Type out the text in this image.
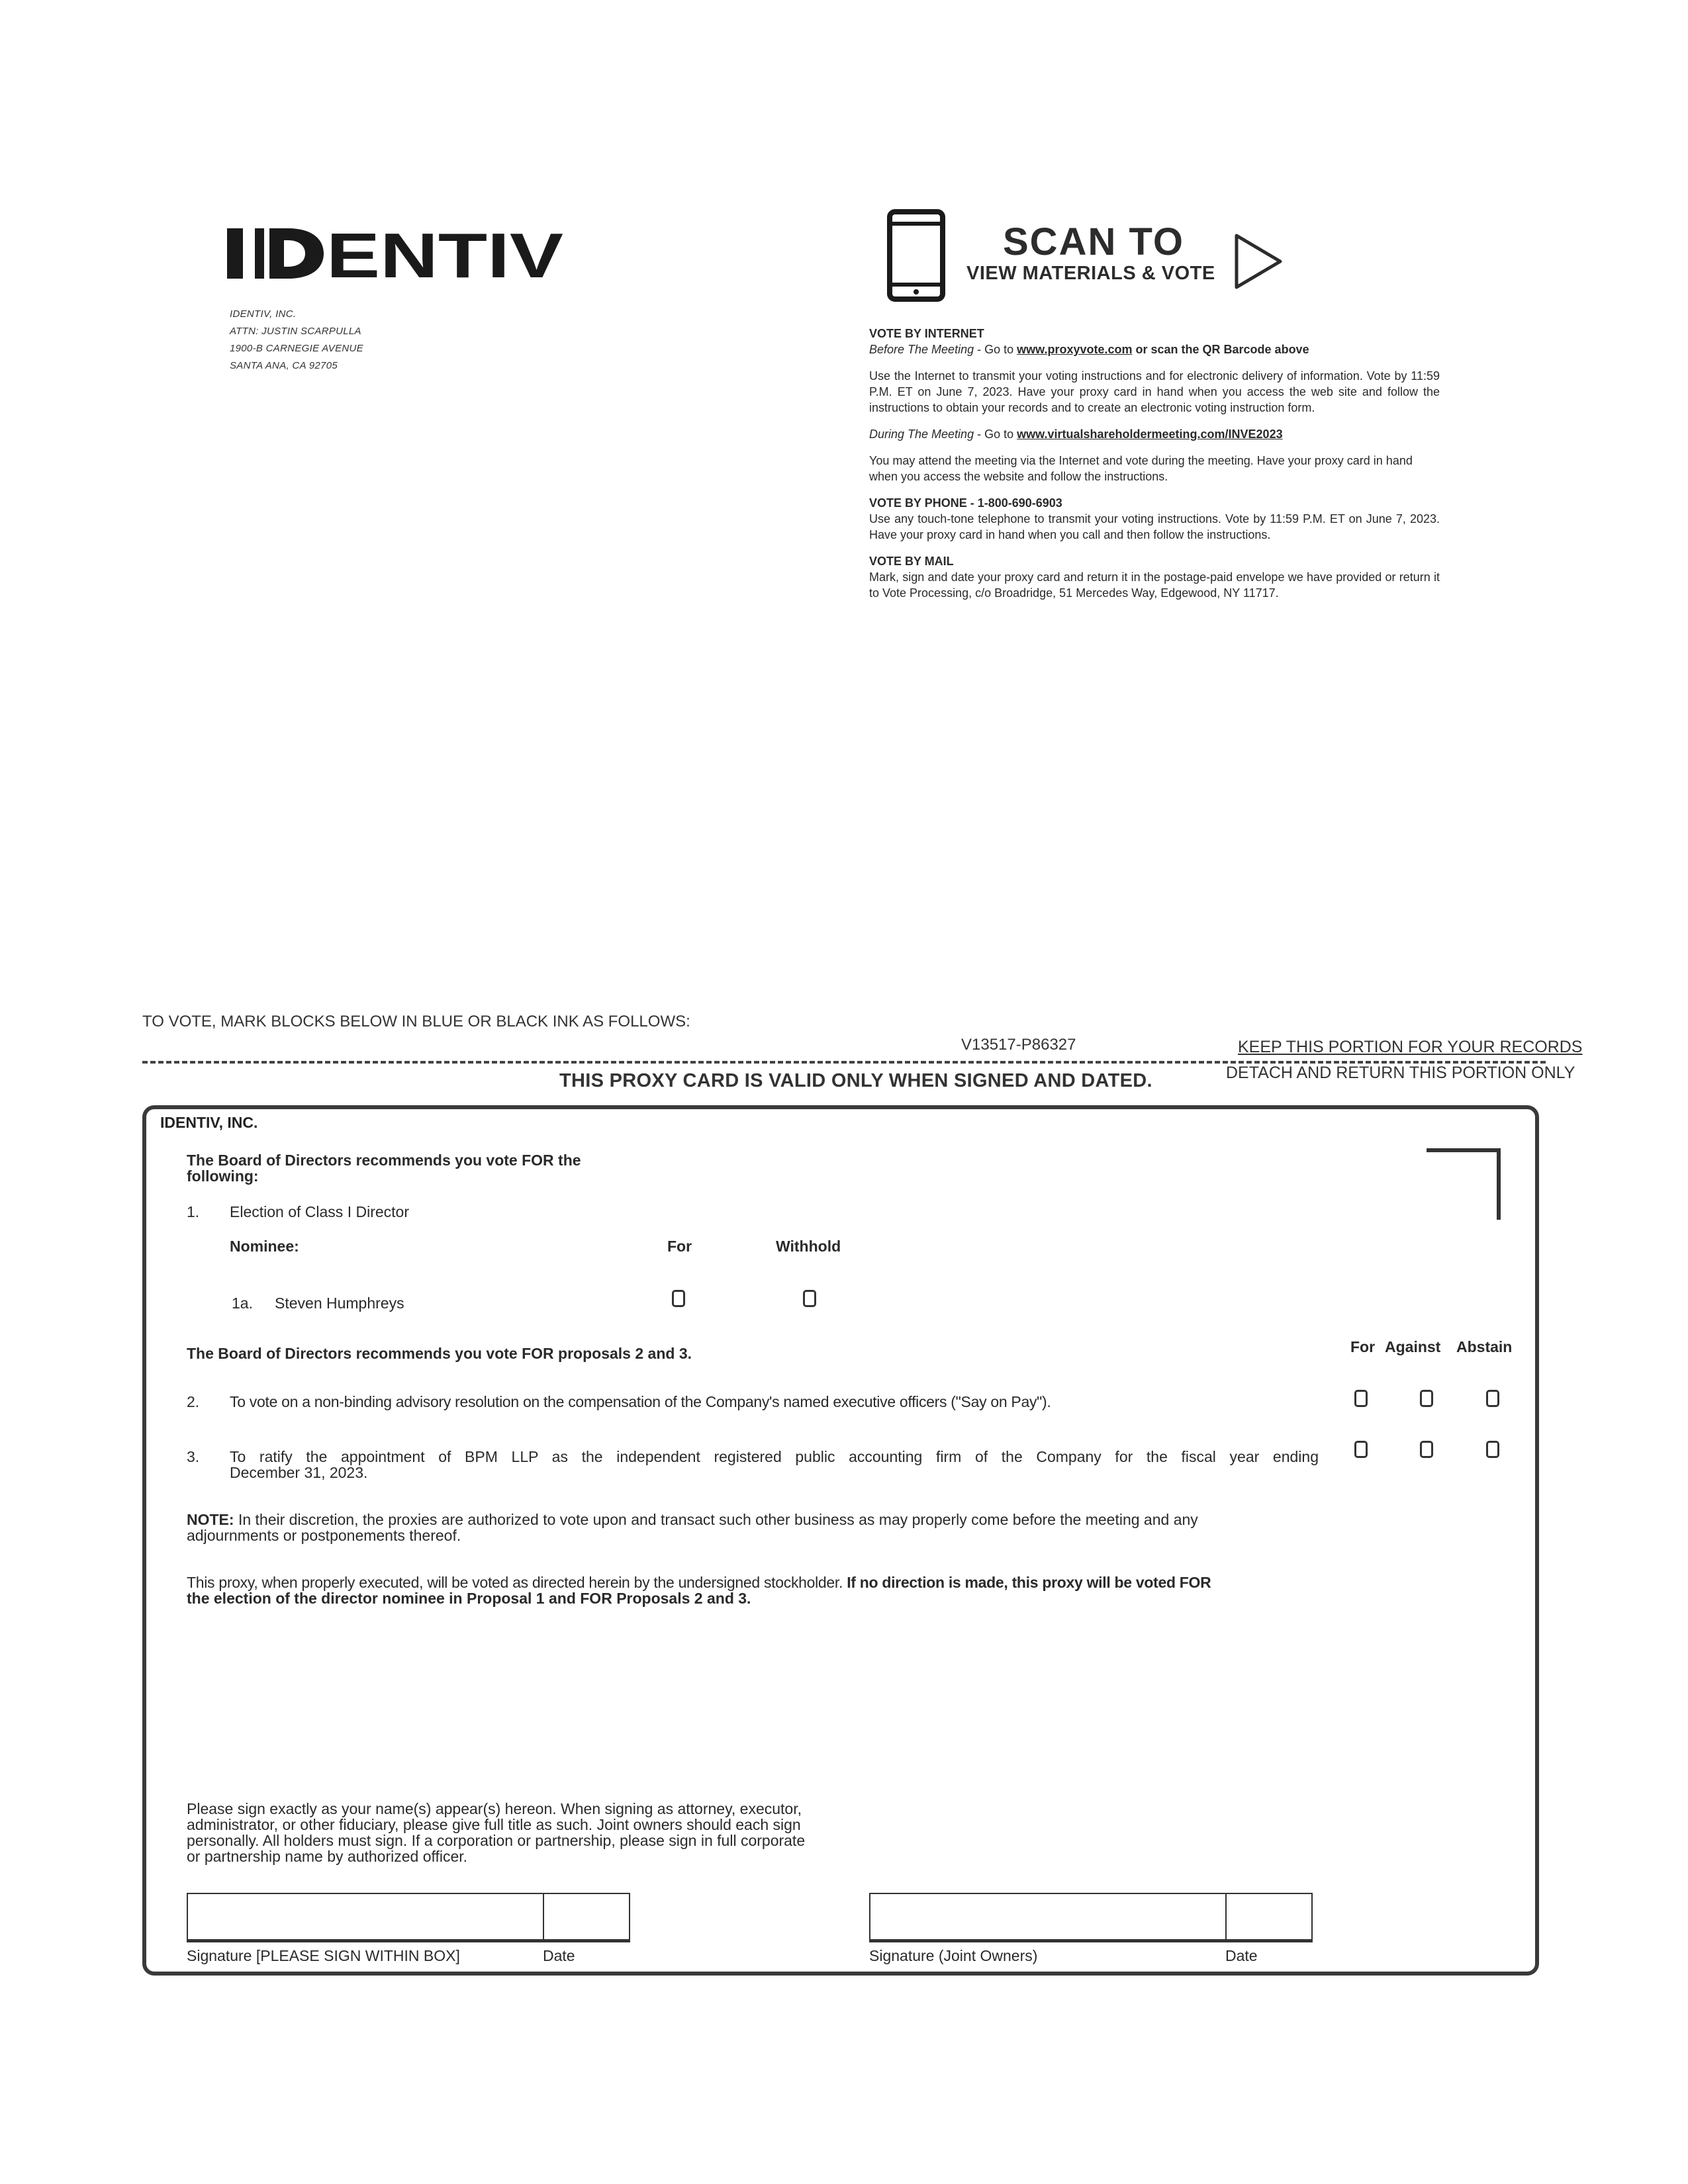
ENTIV
IDENTIV, INC.
ATTN: JUSTIN SCARPULLA
1900-B CARNEGIE AVENUE
SANTA ANA, CA 92705
SCAN TO
VIEW MATERIALS & VOTE
VOTE BY INTERNET
Before The Meeting - Go to www.proxyvote.com or scan the QR Barcode above
Use the Internet to transmit your voting instructions and for electronic delivery of information. Vote by 11:59 P.M. ET on June 7, 2023. Have your proxy card in hand when you access the web site and follow the instructions to obtain your records and to create an electronic voting instruction form.
During The Meeting - Go to www.virtualshareholdermeeting.com/INVE2023
You may attend the meeting via the Internet and vote during the meeting. Have your proxy card in hand when you access the website and follow the instructions.
VOTE BY PHONE - 1-800-690-6903
Use any touch-tone telephone to transmit your voting instructions. Vote by 11:59 P.M. ET on June 7, 2023. Have your proxy card in hand when you call and then follow the instructions.
VOTE BY MAIL
Mark, sign and date your proxy card and return it in the postage-paid envelope we have provided or return it to Vote Processing, c/o Broadridge, 51 Mercedes Way, Edgewood, NY 11717.
TO VOTE, MARK BLOCKS BELOW IN BLUE OR BLACK INK AS FOLLOWS:
V13517-P86327	KEEP THIS PORTION FOR YOUR RECORDS
THIS PROXY CARD IS VALID ONLY WHEN SIGNED AND DATED.	DETACH AND RETURN THIS PORTION ONLY
IDENTIV, INC.
The Board of Directors recommends you vote FOR the
following:
1. Election of Class I Director
Nominee:	For	Withhold
1a. Steven Humphreys
The Board of Directors recommends you vote FOR proposals 2 and 3.	For Against Abstain
2. To vote on a non-binding advisory resolution on the compensation of the Company's named executive officers ("Say on Pay").
3. To ratify the appointment of BPM LLP as the independent registered public accounting firm of the Company for the fiscal year ending
December 31, 2023.
NOTE: In their discretion, the proxies are authorized to vote upon and transact such other business as may properly come before the meeting and any
adjournments or postponements thereof.
This proxy, when properly executed, will be voted as directed herein by the undersigned stockholder. If no direction is made, this proxy will be voted FOR
the election of the director nominee in Proposal 1 and FOR Proposals 2 and 3.
Please sign exactly as your name(s) appear(s) hereon. When signing as attorney, executor,
administrator, or other fiduciary, please give full title as such. Joint owners should each sign
personally. All holders must sign. If a corporation or partnership, please sign in full corporate
or partnership name by authorized officer.
Signature [PLEASE SIGN WITHIN BOX]	Date	Signature (Joint Owners)	Date
